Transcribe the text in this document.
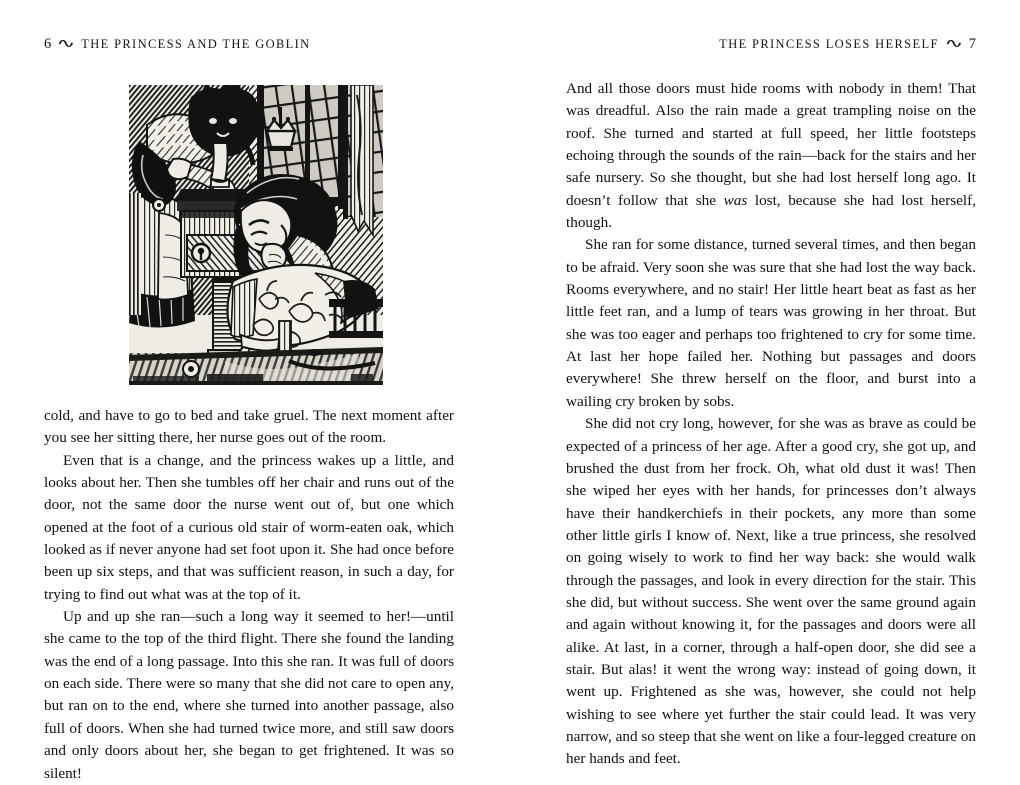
6 ∿ THE PRINCESS AND THE GOBLIN	THE PRINCESS LOSES HERSELF ∿ 7

cold, and have to go to bed and take gruel. The next moment after you see her sitting there, her nurse goes out of the room.

Even that is a change, and the princess wakes up a little, and looks about her. Then she tumbles off her chair and runs out of the door, not the same door the nurse went out of, but one which opened at the foot of a curious old stair of worm-eaten oak, which looked as if never anyone had set foot upon it. She had once before been up six steps, and that was sufficient reason, in such a day, for trying to find out what was at the top of it.

Up and up she ran—such a long way it seemed to her!—until she came to the top of the third flight. There she found the landing was the end of a long passage. Into this she ran. It was full of doors on each side. There were so many that she did not care to open any, but ran on to the end, where she turned into another passage, also full of doors. When she had turned twice more, and still saw doors and only doors about her, she began to get frightened. It was so silent!

And all those doors must hide rooms with nobody in them! That was dreadful. Also the rain made a great trampling noise on the roof. She turned and started at full speed, her little footsteps echoing through the sounds of the rain—back for the stairs and her safe nursery. So she thought, but she had lost herself long ago. It doesn’t follow that she was lost, because she had lost herself, though.

She ran for some distance, turned several times, and then began to be afraid. Very soon she was sure that she had lost the way back. Rooms everywhere, and no stair! Her little heart beat as fast as her little feet ran, and a lump of tears was growing in her throat. But she was too eager and perhaps too frightened to cry for some time. At last her hope failed her. Nothing but passages and doors everywhere! She threw herself on the floor, and burst into a wailing cry broken by sobs.

She did not cry long, however, for she was as brave as could be expected of a princess of her age. After a good cry, she got up, and brushed the dust from her frock. Oh, what old dust it was! Then she wiped her eyes with her hands, for princesses don’t always have their handkerchiefs in their pockets, any more than some other little girls I know of. Next, like a true princess, she resolved on going wisely to work to find her way back: she would walk through the passages, and look in every direction for the stair. This she did, but without success. She went over the same ground again and again without knowing it, for the passages and doors were all alike. At last, in a corner, through a half-open door, she did see a stair. But alas! it went the wrong way: instead of going down, it went up. Frightened as she was, however, she could not help wishing to see where yet further the stair could lead. It was very narrow, and so steep that she went on like a four-legged creature on her hands and feet.
